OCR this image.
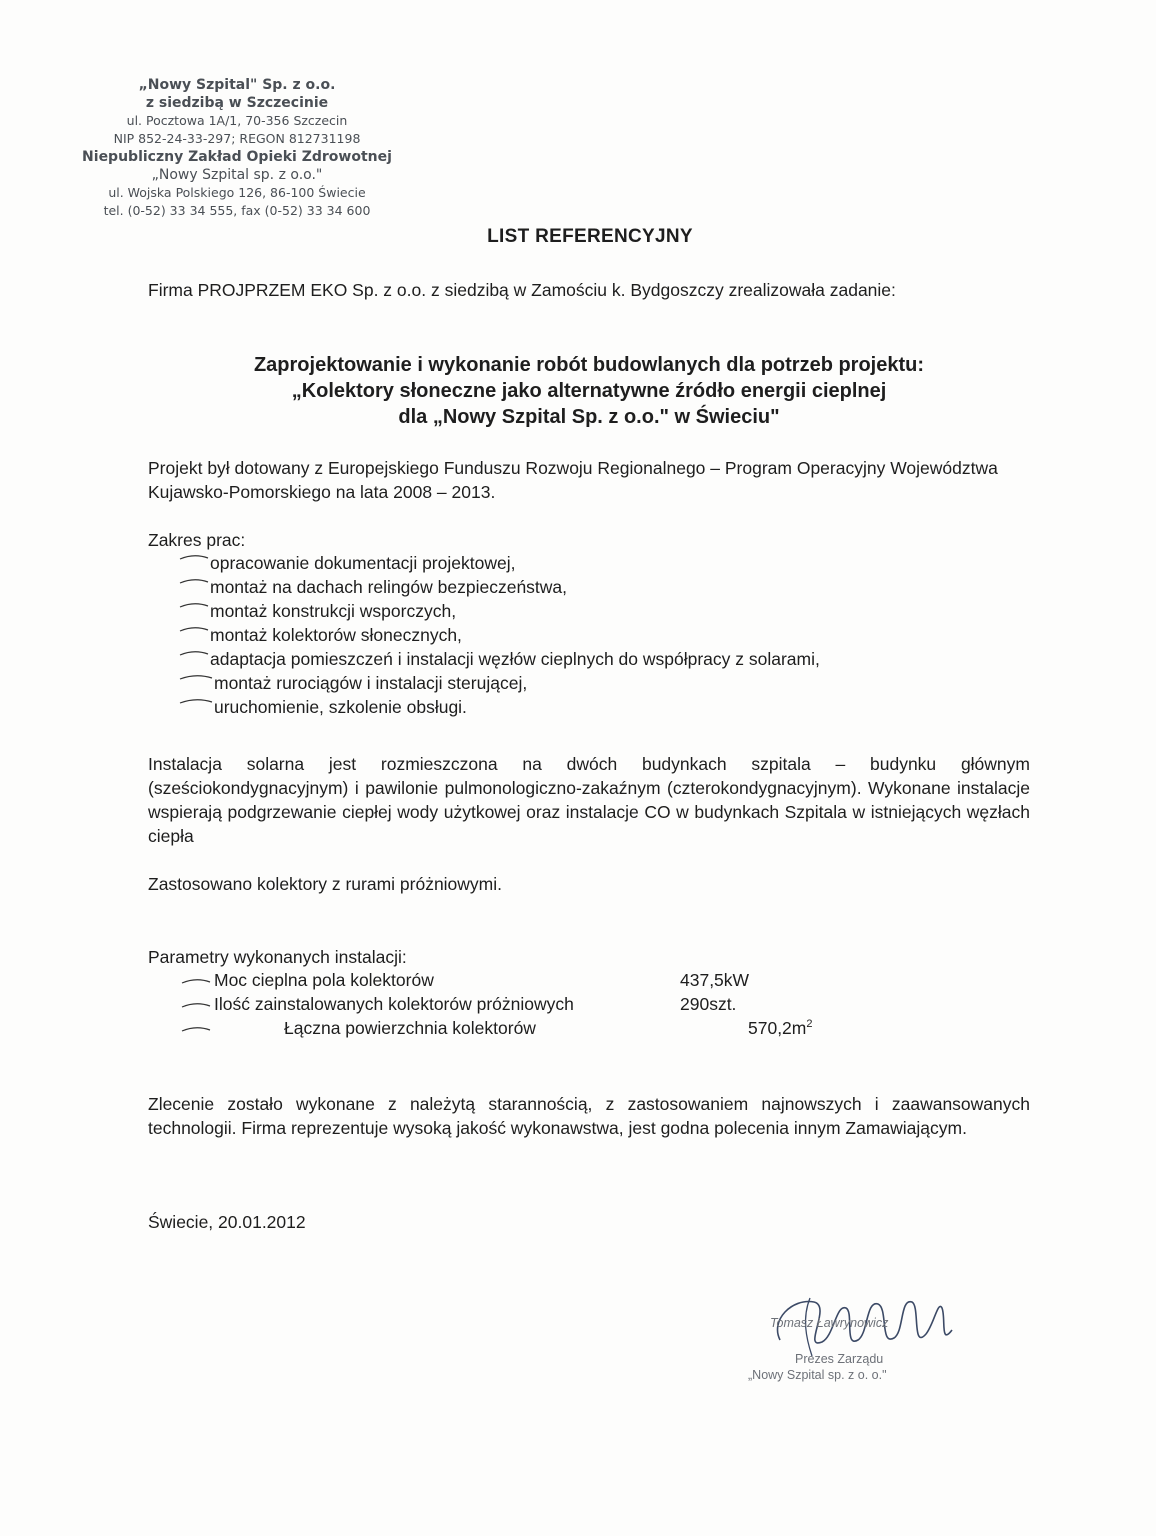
„Nowy Szpital" Sp. z o.o.
z siedzibą w Szczecinie
ul. Pocztowa 1A/1, 70-356 Szczecin
NIP 852-24-33-297; REGON 812731198
Niepubliczny Zakład Opieki Zdrowotnej
„Nowy Szpital sp. z o.o."
ul. Wojska Polskiego 126, 86-100 Świecie
tel. (0-52) 33 34 555, fax (0-52) 33 34 600
LIST REFERENCYJNY
Firma PROJPRZEM EKO Sp. z o.o. z siedzibą w Zamościu k. Bydgoszczy zrealizowała zadanie:
Zaprojektowanie i wykonanie robót budowlanych dla potrzeb projektu:
„Kolektory słoneczne jako alternatywne źródło energii cieplnej
dla „Nowy Szpital Sp. z o.o." w Świeciu"
Projekt był dotowany z Europejskiego Funduszu Rozwoju Regionalnego – Program Operacyjny Województwa Kujawsko-Pomorskiego na lata 2008 – 2013.
Zakres prac:
opracowanie dokumentacji projektowej,
montaż na dachach relingów bezpieczeństwa,
montaż konstrukcji wsporczych,
montaż kolektorów słonecznych,
adaptacja pomieszczeń i instalacji węzłów cieplnych do współpracy z solarami,
montaż rurociągów i instalacji sterującej,
uruchomienie, szkolenie obsługi.
Instalacja solarna jest rozmieszczona na dwóch budynkach szpitala – budynku głównym (sześciokondygnacyjnym) i pawilonie pulmonologiczno-zakaźnym (czterokondygnacyjnym). Wykonane instalacje wspierają podgrzewanie ciepłej wody użytkowej oraz instalacje CO w budynkach Szpitala w istniejących węzłach ciepła
Zastosowano kolektory z rurami próżniowymi.
Parametry wykonanych instalacji:
Moc cieplna pola kolektorów	437,5kW
Ilość zainstalowanych kolektorów próżniowych	290szt.
Łączna powierzchnia kolektorów	$570,2m^2$
Zlecenie zostało wykonane z należytą starannością, z zastosowaniem najnowszych i zaawansowanych technologii. Firma reprezentuje wysoką jakość wykonawstwa, jest godna polecenia innym Zamawiającym.
Świecie, 20.01.2012
Tomasz Ławrynowicz
Prezes Zarządu
„Nowy Szpital sp. z o. o."
